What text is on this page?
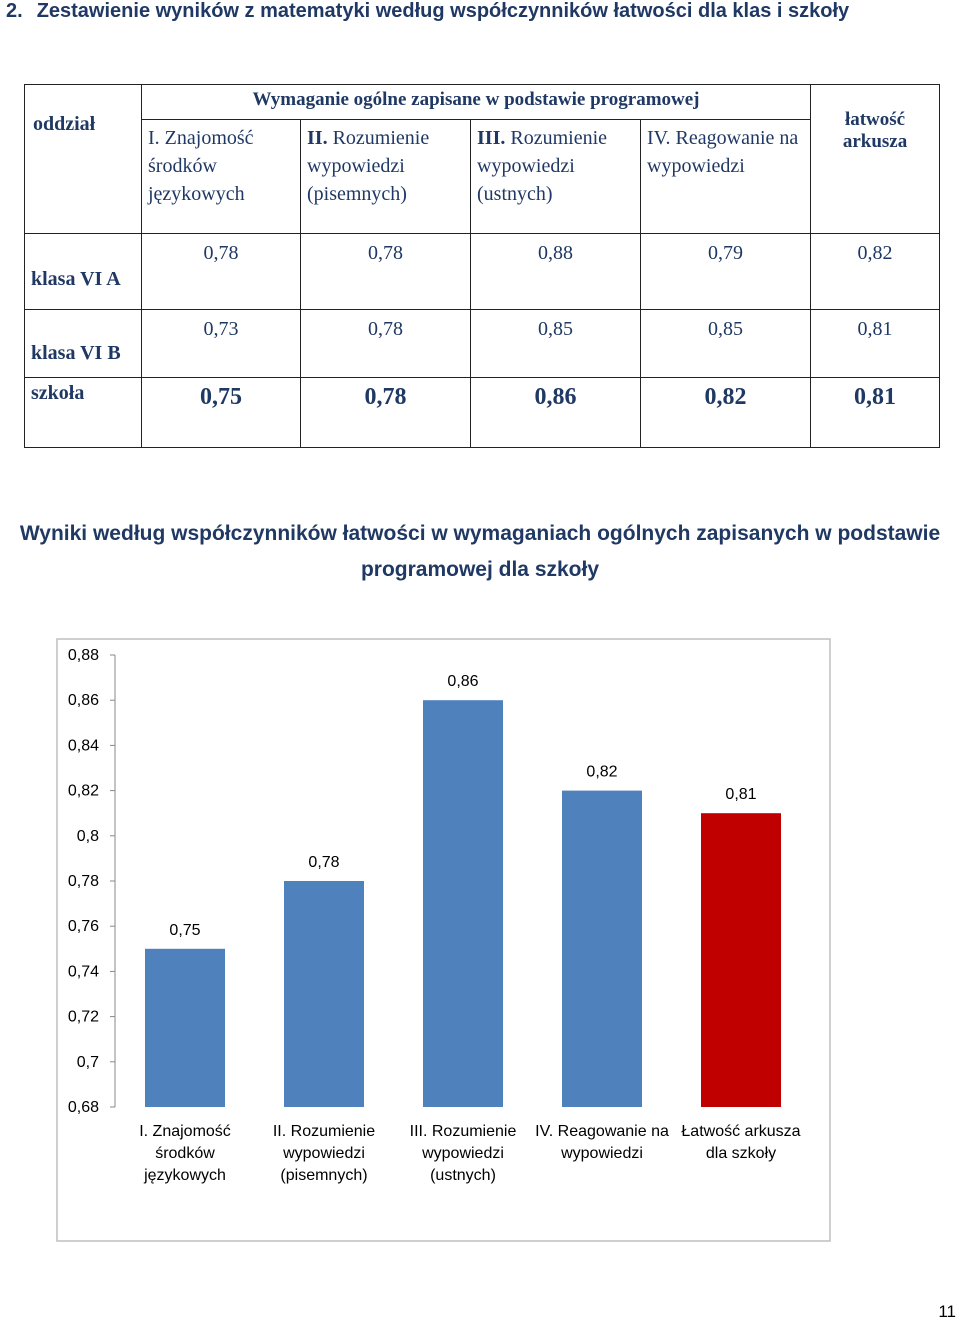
2. Zestawienie wyników z matematyki według współczynników łatwości dla klas i szkoły
oddział	Wymaganie ogólne zapisane w podstawie programowej				łatwość arkusza
	I. Znajomość środków językowych	II. Rozumienie wypowiedzi (pisemnych)	III. Rozumienie wypowiedzi (ustnych)	IV. Reagowanie na wypowiedzi	
klasa VI A	0,78	0,78	0,88	0,79	0,82
klasa VI B	0,73	0,78	0,85	0,85	0,81
szkoła	0,75	0,78	0,86	0,82	0,81
Wyniki według współczynników łatwości w wymaganiach ogólnych zapisanych w podstawie programowej dla szkoły
0,88
0,86
0,84
0,82
0,8
0,78
0,76
0,74
0,72
0,7
0,68
0,75
0,78
0,86
0,82
0,81
I. Znajomość środków językowych
II. Rozumienie wypowiedzi (pisemnych)
III. Rozumienie wypowiedzi (ustnych)
IV. Reagowanie na wypowiedzi
Łatwość arkusza dla szkoły
11
